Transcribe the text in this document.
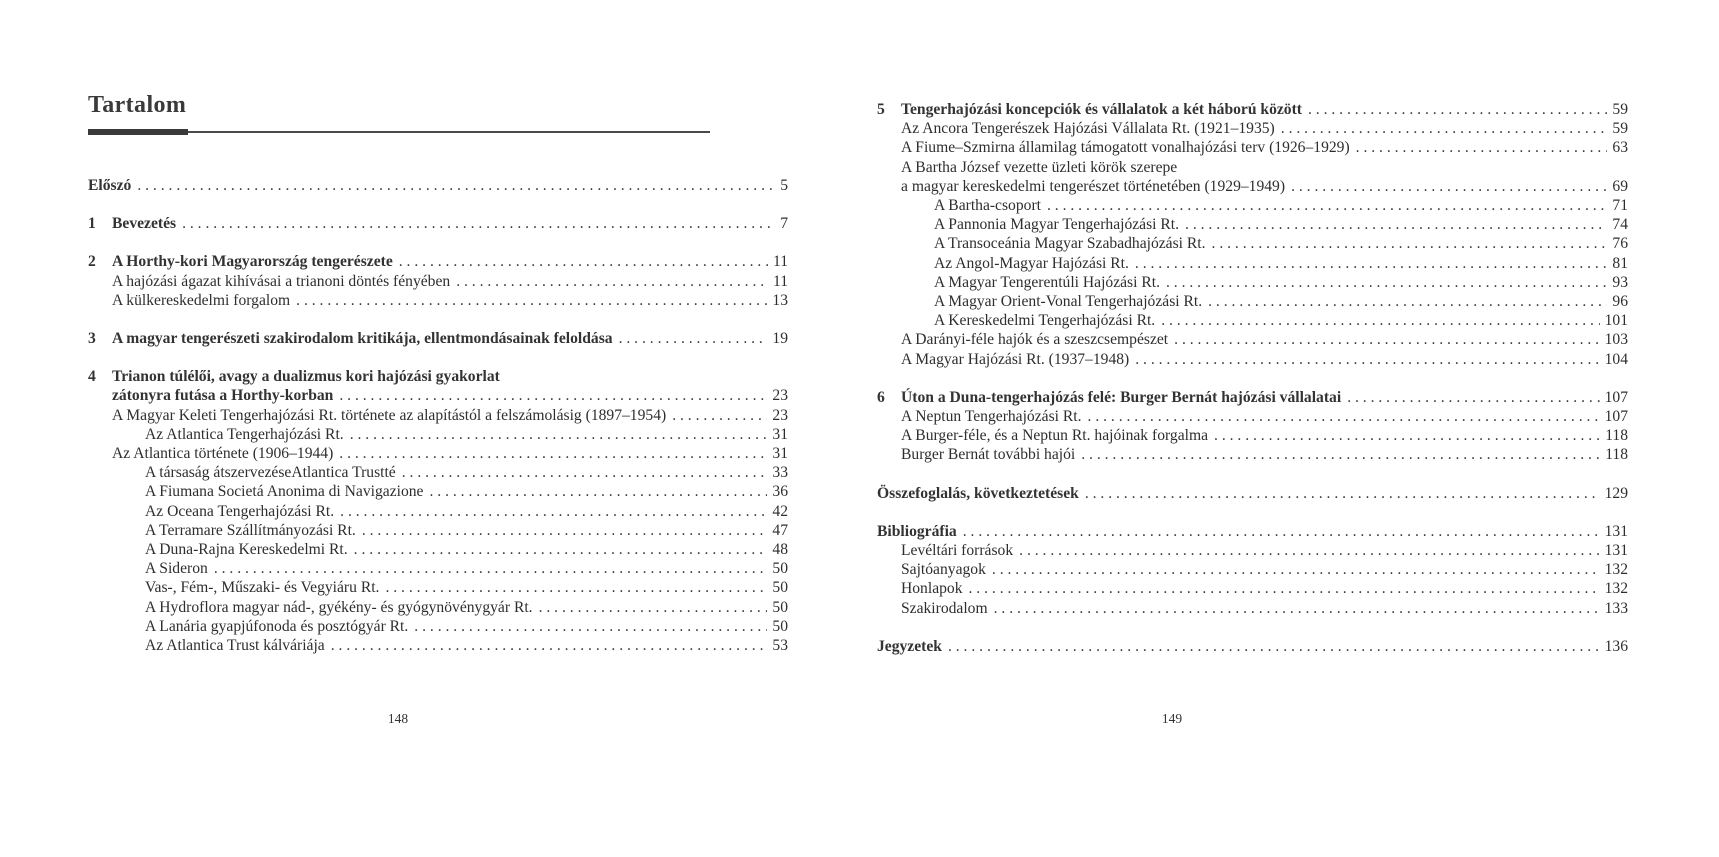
Tartalom
Előszó . . .	5
1	Bevezetés . . .	7
2	A Horthy-kori Magyarország tengerészete . . .	11
A hajózási ágazat kihívásai a trianoni döntés fényében . . .	11
A külkereskedelmi forgalom . . .	13
3	A magyar tengerészeti szakirodalom kritikája, ellentmondásainak feloldása . . .	19
4	Trianon túlélői, avagy a dualizmus kori hajózási gyakorlat
zátonyra futása a Horthy-korban . . .	23
A Magyar Keleti Tengerhajózási Rt. története az alapítástól a felszámolásig (1897–1954) . . .	23
Az Atlantica Tengerhajózási Rt. . . .	31
Az Atlantica története (1906–1944) . . .	31
A társaság átszervezéseAtlantica Trustté . . .	33
A Fiumana Societá Anonima di Navigazione . . .	36
Az Oceana Tengerhajózási Rt. . . .	42
A Terramare Szállítmányozási Rt. . . .	47
A Duna-Rajna Kereskedelmi Rt. . . .	48
A Sideron . . .	50
Vas-, Fém-, Műszaki- és Vegyiáru Rt. . . .	50
A Hydroflora magyar nád-, gyékény- és gyógynövénygyár Rt. . . .	50
A Lanária gyapjúfonoda és posztógyár Rt. . . .	50
Az Atlantica Trust kálváriája . . .	53
148
5	Tengerhajózási koncepciók és vállalatok a két háború között . . .	59
Az Ancora Tengerészek Hajózási Vállalata Rt. (1921–1935) . . .	59
A Fiume–Szmirna államilag támogatott vonalhajózási terv (1926–1929) . . .	63
A Bartha József vezette üzleti körök szerepe
a magyar kereskedelmi tengerészet történetében (1929–1949) . . .	69
A Bartha-csoport . . .	71
A Pannonia Magyar Tengerhajózási Rt. . . .	74
A Transoceánia Magyar Szabadhajózási Rt. . . .	76
Az Angol-Magyar Hajózási Rt. . . .	81
A Magyar Tengerentúli Hajózási Rt. . . .	93
A Magyar Orient-Vonal Tengerhajózási Rt. . . .	96
A Kereskedelmi Tengerhajózási Rt. . . .	101
A Darányi-féle hajók és a szeszcsempészet . . .	103
A Magyar Hajózási Rt. (1937–1948) . . .	104
6	Úton a Duna-tengerhajózás felé: Burger Bernát hajózási vállalatai . . .	107
A Neptun Tengerhajózási Rt. . . .	107
A Burger-féle, és a Neptun Rt. hajóinak forgalma . . .	118
Burger Bernát további hajói . . .	118
Összefoglalás, következtetések . . .	129
Bibliográfia . . .	131
Levéltári források . . .	131
Sajtóanyagok . . .	132
Honlapok . . .	132
Szakirodalom . . .	133
Jegyzetek . . .	136
149
